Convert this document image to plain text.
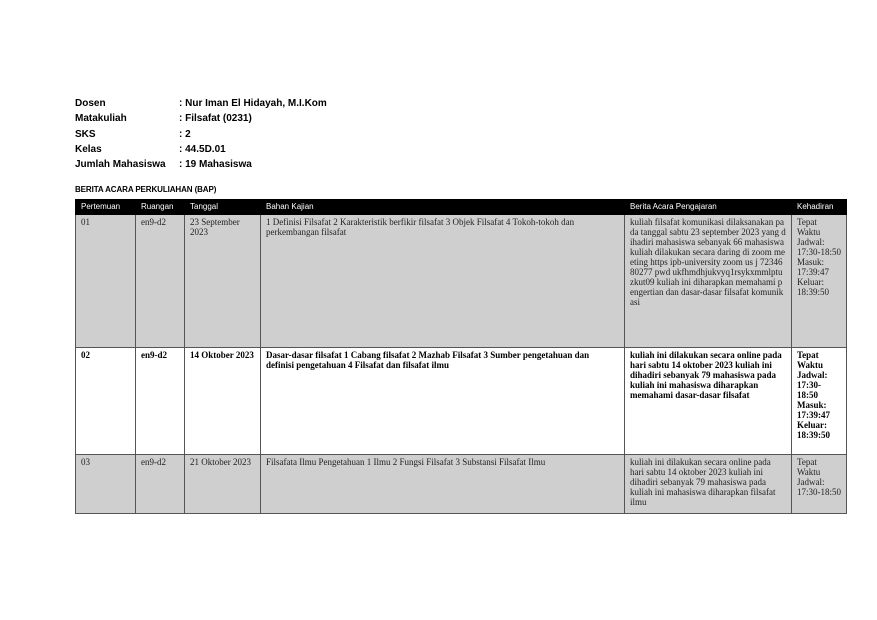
Dosen	: Nur Iman El Hidayah, M.I.Kom
Matakuliah	: Filsafat (0231)
SKS	: 2
Kelas	: 44.5D.01
Jumlah Mahasiswa	: 19 Mahasiswa
BERITA ACARA PERKULIAHAN (BAP)
Pertemuan	Ruangan	Tanggal	Bahan Kajian	Berita Acara Pengajaran	Kehadiran
01	en9-d2	23 September 2023	1 Definisi Filsafat 2 Karakteristik berfikir filsafat 3 Objek Filsafat 4 Tokoh-tokoh dan perkembangan filsafat	kuliah filsafat komunikasi dilaksanakan pada tanggal sabtu 23 september 2023 yang dihadiri mahasiswa sebanyak 66 mahasiswa kuliah dilakukan secara daring di zoom meeting https ipb-university zoom us j 7234680277 pwd ukfhmdhjukvyq1rsykxmmlptuzkut09 kuliah ini diharapkan memahami pengertian dan dasar-dasar filsafat komunikasi	Tepat Waktu Jadwal: 17:30-18:50 Masuk: 17:39:47 Keluar: 18:39:50
02	en9-d2	14 Oktober 2023	Dasar-dasar filsafat 1 Cabang filsafat 2 Mazhab Filsafat 3 Sumber pengetahuan dan definisi pengetahuan 4 Filsafat dan filsafat ilmu	kuliah ini dilakukan secara online pada hari sabtu 14 oktober 2023 kuliah ini dihadiri sebanyak 79 mahasiswa pada kuliah ini mahasiswa diharapkan memahami dasar-dasar filsafat	Tepat Waktu Jadwal: 17:30-18:50 Masuk: 17:39:47 Keluar: 18:39:50
03	en9-d2	21 Oktober 2023	Filsafata Ilmu Pengetahuan 1 Ilmu 2 Fungsi Filsafat 3 Substansi Filsafat Ilmu	kuliah ini dilakukan secara online pada hari sabtu 14 oktober 2023 kuliah ini dihadiri sebanyak 79 mahasiswa pada kuliah ini mahasiswa diharapkan filsafat ilmu	Tepat Waktu Jadwal: 17:30-18:50
